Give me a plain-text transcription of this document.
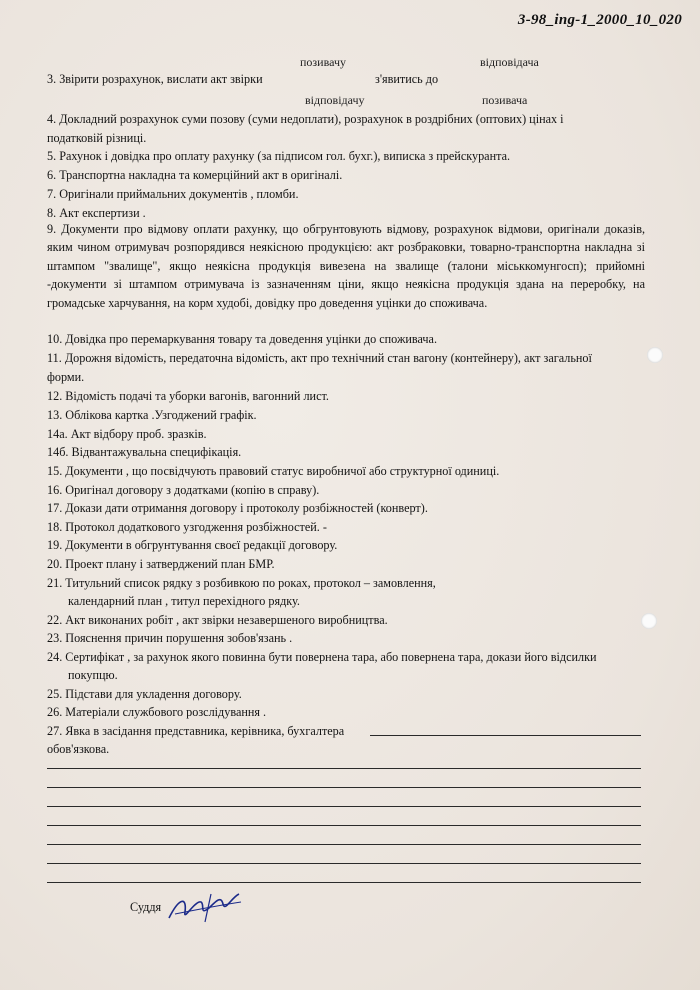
3-98_ing-1_2000_10_020
позивачу	відповідача
3. Звірити розрахунок, вислати акт звірки	з'явитись до
відповідачу	позивача
4. Докладний розрахунок суми позову (суми недоплати), розрахунок в роздрібних (оптових) цінах і
податковій різниці.
5. Рахунок і довідка про оплату рахунку (за підписом гол. бухг.), виписка з прейскуранта.
6. Транспортна накладна та комерційний акт в оригіналі.
7. Оригінали приймальних документів , пломби.
8. Акт експертизи .
9. Документи про відмову оплати рахунку, що обгрунтовують відмову, розрахунок відмови, оригінали доказів, яким чином отримувач розпорядився неякісною продукцією: акт розбраковки, товарно-транспортна накладна зі штампом "звалище", якщо неякісна продукція вивезена на звалище (талони міськкомунгосп); прийомні -документи зі штампом отримувача із зазначенням ціни, якщо неякісна продукція здана на переробку, на громадське харчування, на корм худобі, довідку про доведення уцінки до споживача.
10. Довідка про перемаркування товару та доведення уцінки до споживача.
11. Дорожня відомість, передаточна відомість, акт про технічний стан вагону (контейнеру), акт загальної
форми.
12. Відомість подачі та уборки вагонів, вагонний лист.
13. Облікова картка .Узгоджений графік.
14а. Акт відбору проб. зразків.
14б. Відвантажувальна специфікація.
15. Документи , що посвідчують правовий статус виробничої або структурної одиниці.
16. Оригінал договору з додатками (копію в справу).
17. Докази дати отримання договору і протоколу розбіжностей (конверт).
18. Протокол додаткового узгодження розбіжностей. -
19. Документи в обгрунтування своєї редакції договору.
20. Проект плану і затверджений план БМР.
21. Титульний список рядку з розбивкою по роках, протокол – замовлення,
календарний план , титул перехідного рядку.
22. Акт виконаних робіт , акт звірки незавершеного виробництва.
23. Пояснення причин порушення зобов'язань .
24. Сертифікат , за рахунок якого повинна бути повернена тара, або повернена тара, докази його відсилки
покупцю.
25. Підстави для укладення договору.
26. Матеріали службового розслідування .
27. Явка в засідання представника, керівника, бухгалтера
обов'язкова.
Суддя
